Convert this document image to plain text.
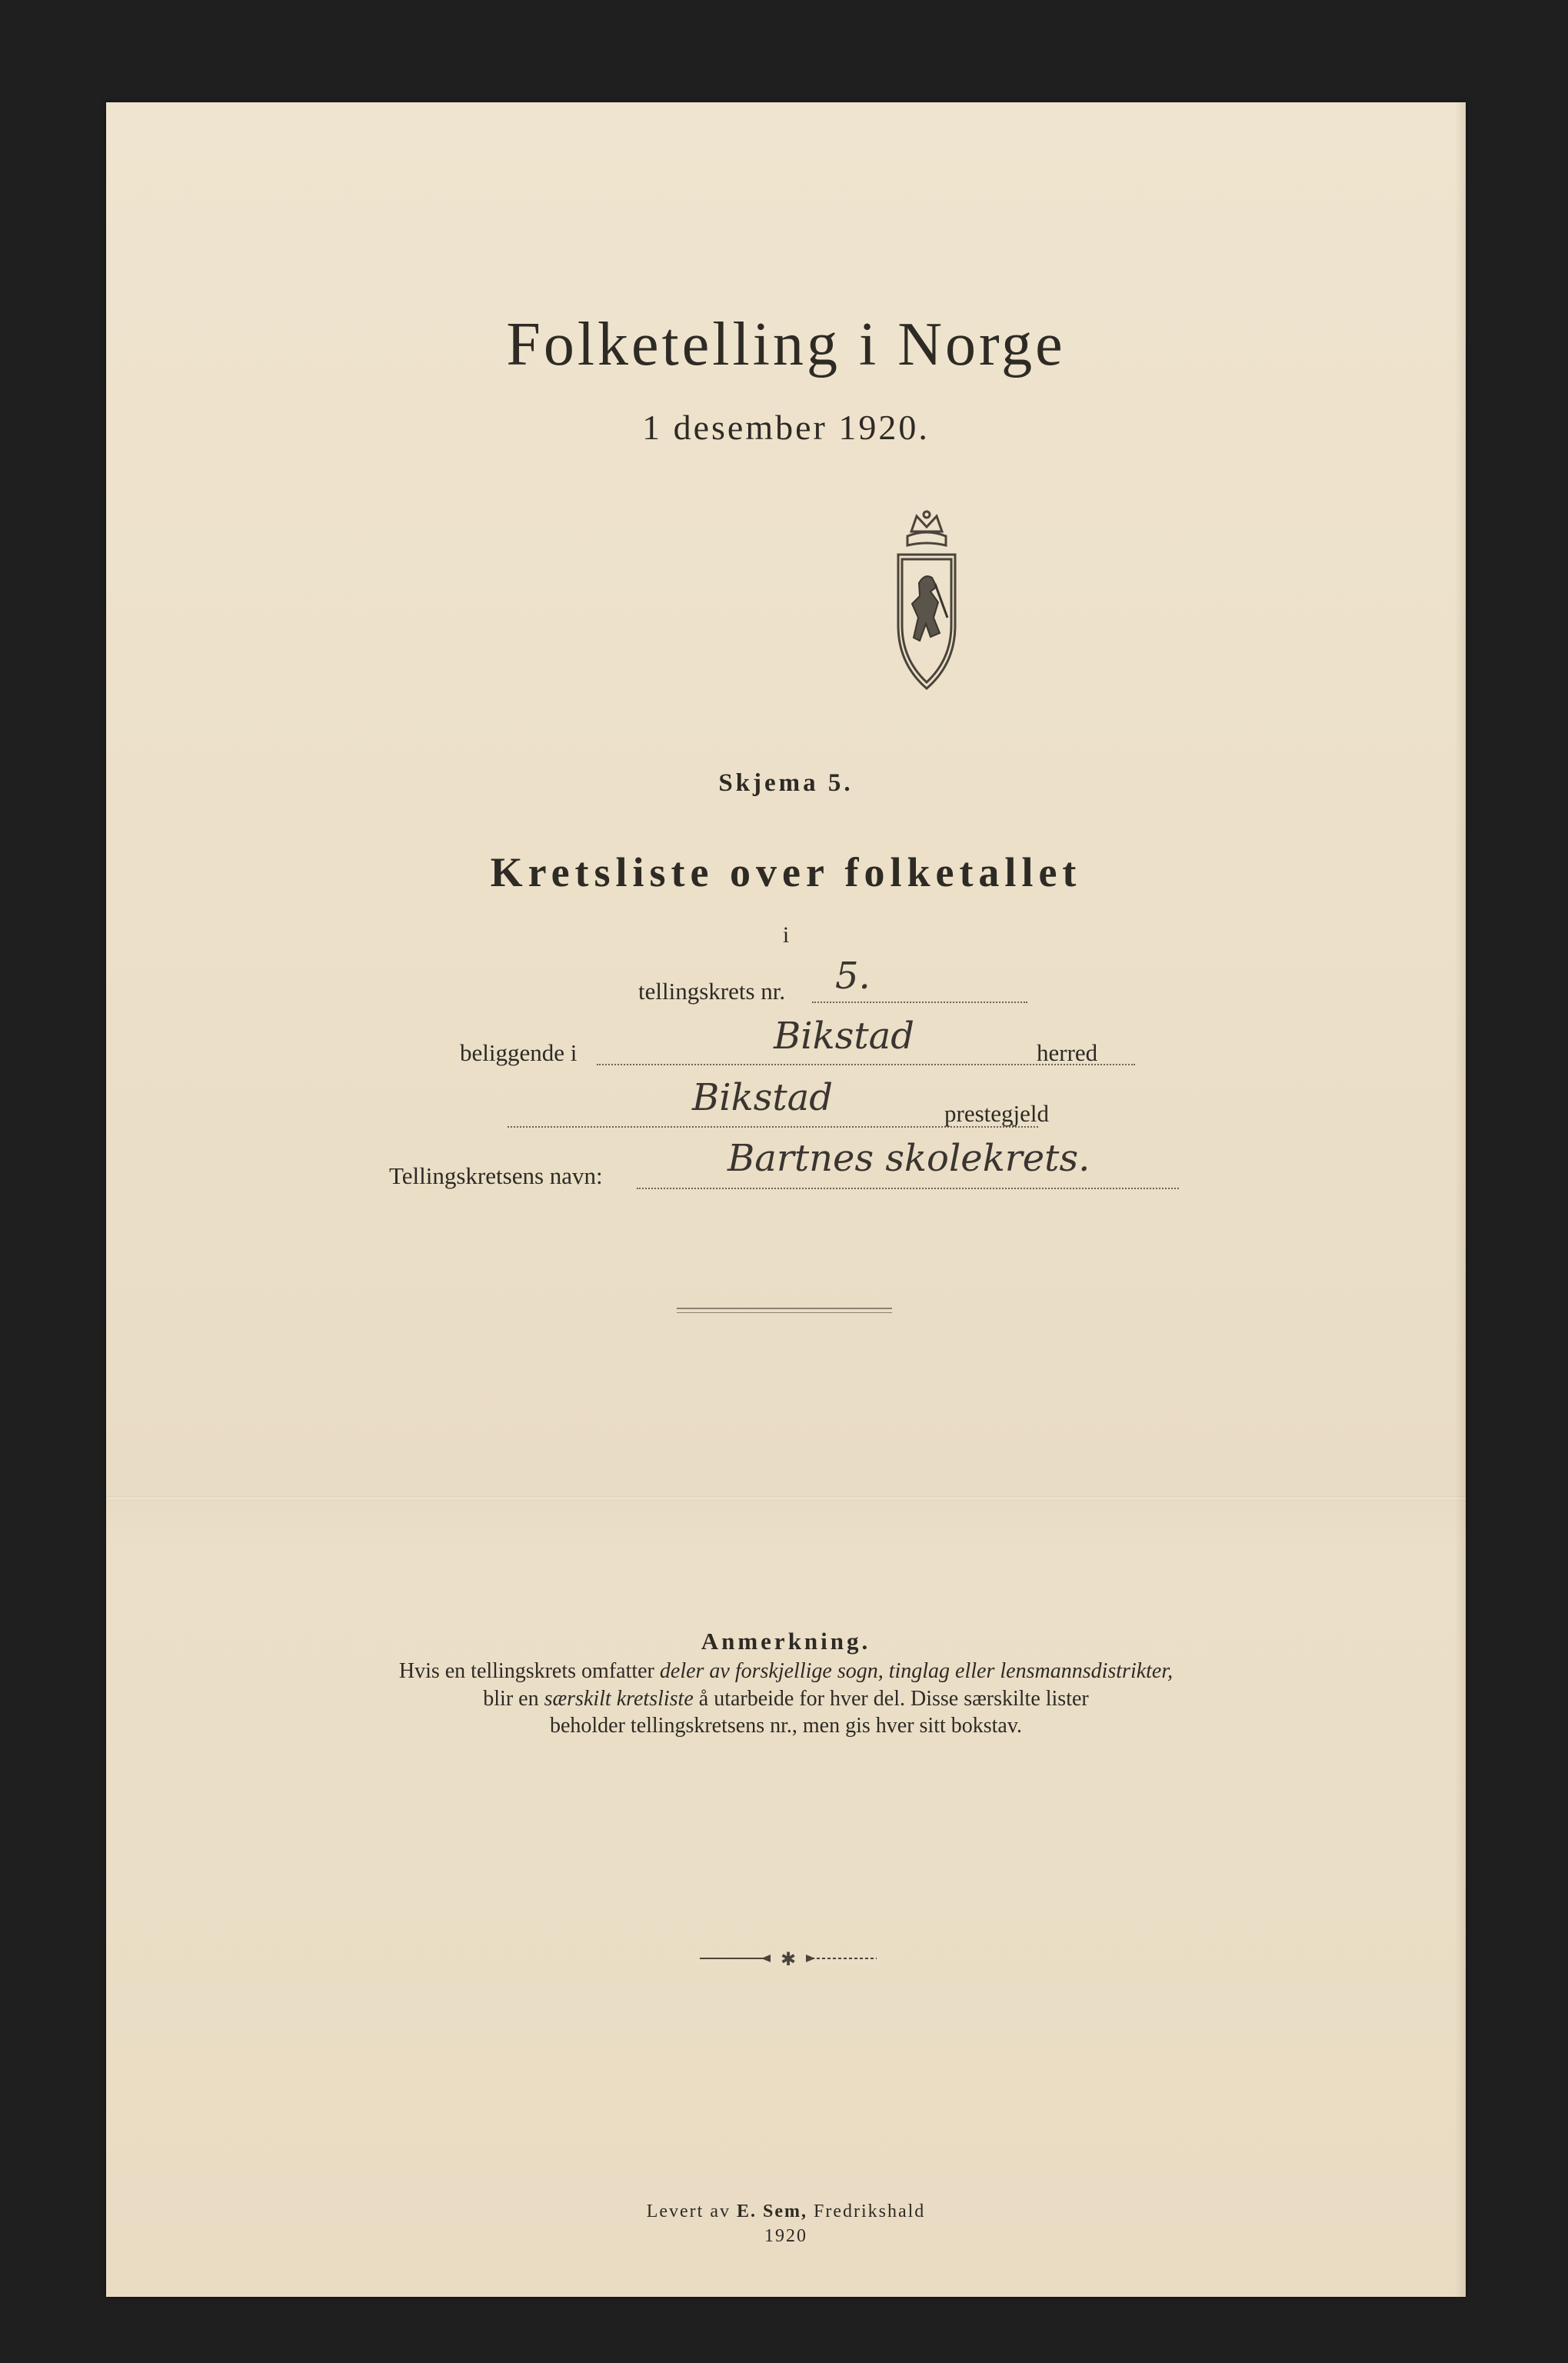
Folketelling i Norge
1 desember 1920.
Skjema 5.
Kretsliste over folketallet
i
tellingskrets nr. 5.
beliggende i	Bikstad	herred
Bikstad	prestegjeld
Tellingskretsens navn:	Bartnes skolekrets.
Anmerkning.
Hvis en tellingskrets omfatter deler av forskjellige sogn, tinglag eller lensmannsdistrikter,
blir en særskilt kretsliste å utarbeide for hver del. Disse særskilte lister
beholder tellingskretsens nr., men gis hver sitt bokstav.
✱
Levert av E. Sem, Fredrikshald
1920
